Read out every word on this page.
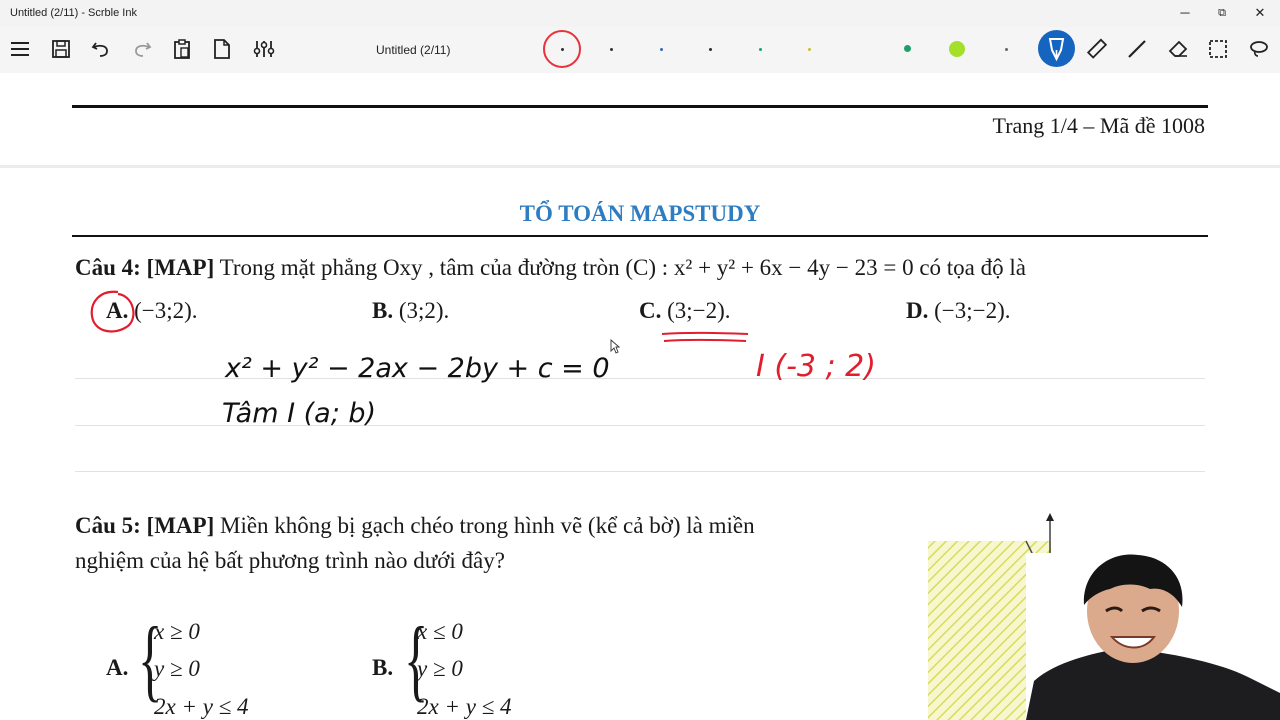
Untitled (2/11) - Scrble Ink	─	⧉	✕
Untitled (2/11)
Trang 1/4 – Mã đề 1008
TỔ TOÁN MAPSTUDY
Câu 4: [MAP] Trong mặt phẳng Oxy , tâm của đường tròn (C) : x² + y² + 6x − 4y − 23 = 0 có tọa độ là
A. (−3;2).	B. (3;2).	C. (3;−2).	D. (−3;−2).
x² + y² − 2ax − 2by + c = 0
Tâm I (a; b)
I (-3 ; 2)
Câu 5: [MAP] Miền không bị gạch chéo trong hình vẽ (kể cả bờ) là miền
nghiệm của hệ bất phương trình nào dưới đây?
A. {
x ≥ 0
y ≥ 0
2x + y ≤ 4
B. {
x ≤ 0
y ≥ 0
2x + y ≤ 4
